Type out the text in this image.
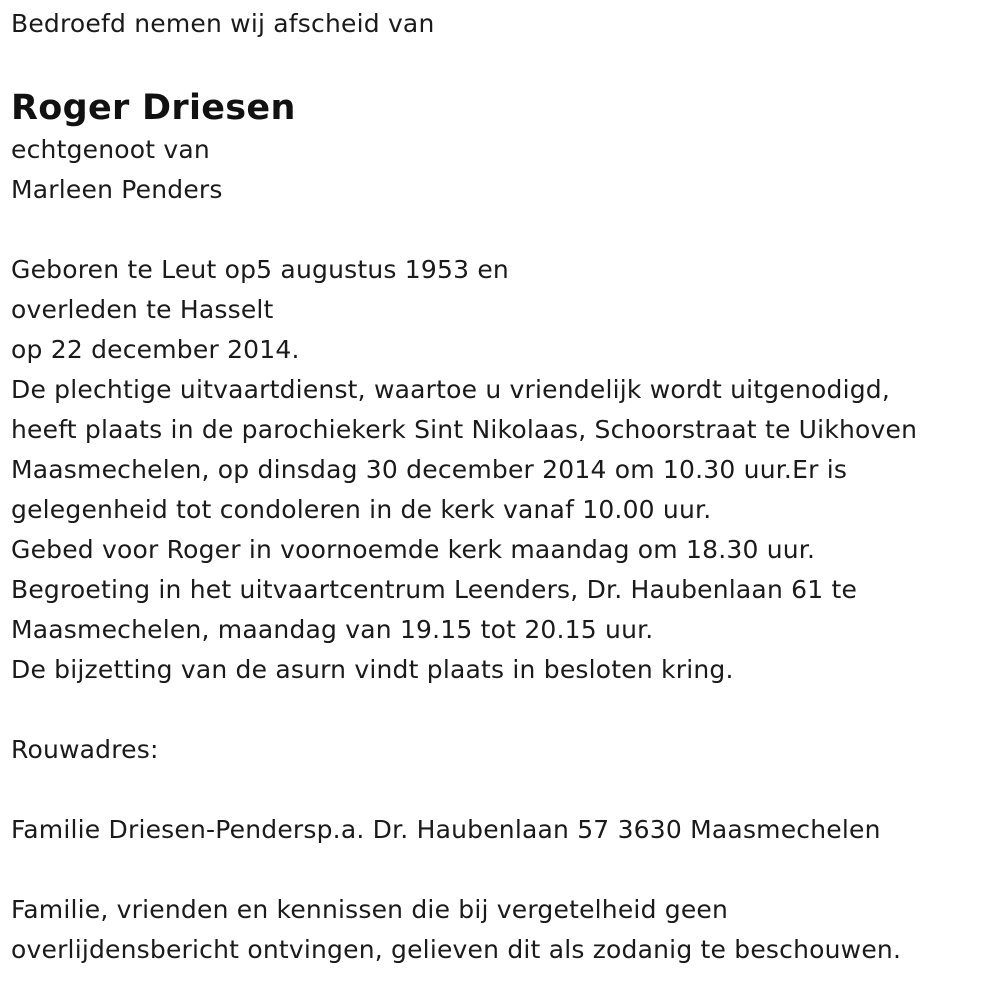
Bedroefd nemen wij afscheid van
Roger Driesen
echtgenoot van
Marleen Penders
Geboren te Leut op5 augustus 1953 en
overleden te Hasselt
op 22 december 2014.
De plechtige uitvaartdienst, waartoe u vriendelijk wordt uitgenodigd,
heeft plaats in de parochiekerk Sint Nikolaas, Schoorstraat te Uikhoven
Maasmechelen, op dinsdag 30 december 2014 om 10.30 uur.Er is
gelegenheid tot condoleren in de kerk vanaf 10.00 uur.
Gebed voor Roger in voornoemde kerk maandag om 18.30 uur.
Begroeting in het uitvaartcentrum Leenders, Dr. Haubenlaan 61 te
Maasmechelen, maandag van 19.15 tot 20.15 uur.
De bijzetting van de asurn vindt plaats in besloten kring.
Rouwadres:
Familie Driesen-Pendersp.a. Dr. Haubenlaan 57 3630 Maasmechelen
Familie, vrienden en kennissen die bij vergetelheid geen
overlijdensbericht ontvingen, gelieven dit als zodanig te beschouwen.
